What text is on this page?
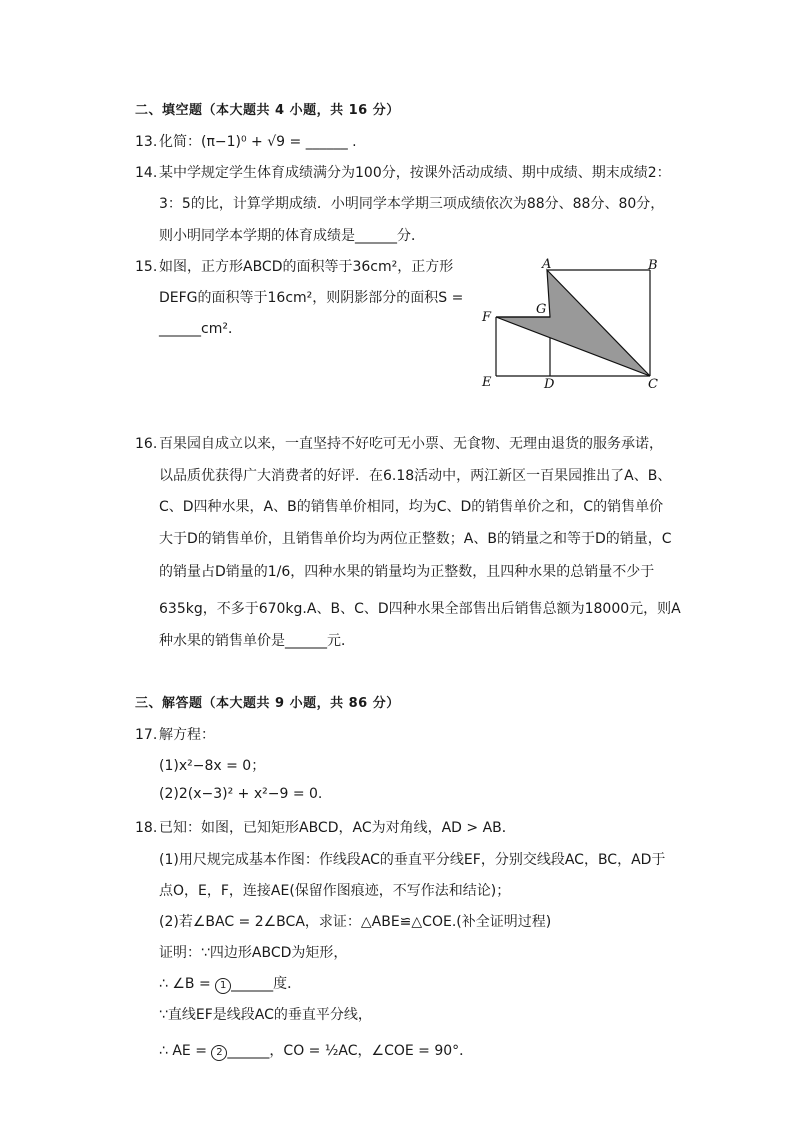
二、填空题（本大题共 4 小题，共 16 分）
13. 化简：(π−1)⁰ + √9 = ______ .
14. 某中学规定学生体育成绩满分为100分，按课外活动成绩、期中成绩、期末成绩2：
3：5的比，计算学期成绩．小明同学本学期三项成绩依次为88分、88分、80分，
则小明同学本学期的体育成绩是______分．
15. 如图，正方形ABCD的面积等于36cm²，正方形
DEFG的面积等于16cm²，则阴影部分的面积S =
______cm²．
A	B
C
D
E
F
G
16. 百果园自成立以来，一直坚持不好吃可无小票、无食物、无理由退货的服务承诺，
以品质优获得广大消费者的好评．在6.18活动中，两江新区一百果园推出了A、B、
C、D四种水果，A、B的销售单价相同，均为C、D的销售单价之和，C的销售单价
大于D的销售单价，且销售单价均为两位正整数；A、B的销量之和等于D的销量，C
的销量占D销量的1/6，四种水果的销量均为正整数，且四种水果的总销量不少于
635kg，不多于670kg.A、B、C、D四种水果全部售出后销售总额为18000元，则A
种水果的销售单价是______元．
三、解答题（本大题共 9 小题，共 86 分）
17. 解方程：
(1)x²−8x = 0；
(2)2(x−3)² + x²−9 = 0.
18. 已知：如图，已知矩形ABCD，AC为对角线，AD > AB．
(1)用尺规完成基本作图：作线段AC的垂直平分线EF，分别交线段AC，BC，AD于
点O，E，F，连接AE(保留作图痕迹，不写作法和结论)；
(2)若∠BAC = 2∠BCA，求证：△ABE≌△COE.(补全证明过程)
证明：∵四边形ABCD为矩形，
∴ ∠B = 1 ______度．
∵直线EF是线段AC的垂直平分线，
∴ AE = 2 ______，CO = ½AC，∠COE = 90°．
